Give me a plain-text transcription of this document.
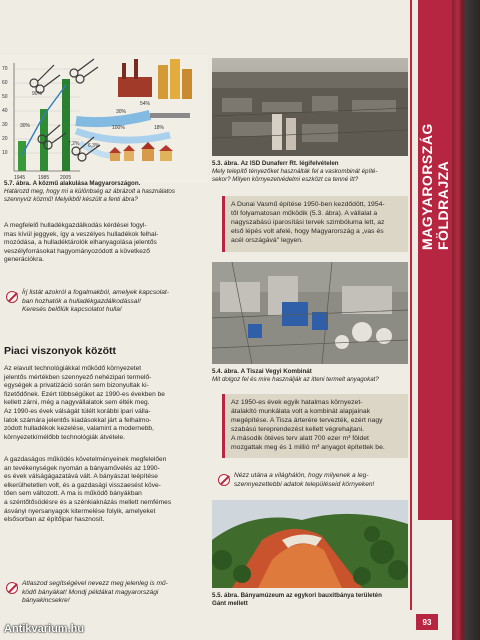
70
60
50
40
30
20
10
1945	1985 2005
90%
54%
30%
30%
6,3%
100%
7,2%
18%
5.7. ábra. A közmű alakulása Magyarországon.
Határozd meg, hogy mi a különbség az ábrázolt a használatos
szennyvíz közmű! Melyikből készült a fenti ábra?
A megfelelő hulladékgazdálkodás kérdései fogyl-
mas kívül jeggyek, így a veszélyes hulladékok felhal-
mozódása, a hulladéktárolók elhanyagolása jelentős
veszélyforrásokat hagyományozódott a következő
generációkra.
Írj listát azokról a fogalmakból, amelyek kapcsolat-
ban hozhatók a hulladékgazdálkodással!
Keresés belőlük kapcsolatot hulla!
Piaci viszonyok között
Az elavult technológiákkal működő környezetet
jelentős mértékben szennyező nehézipari termelő-
egységek a privatizáció során sem bizonyultak ki-
fizetődőnek. Ezért többségüket az 1990-es években be
kellett zárni, még a nagyvállalatok sem élték meg.
Az 1990-es évek válságát túlélt korábbi ipari válla-
latok számára jelentős kiadásokkal járt a felhalmo-
zódott hulladékok kezelése, valamint a modernebb,
környezetkímélőbb technológiák átvétele.
A gazdaságos működés követelményeinek megfelelően
an tevékenységek nyomán a bányaművelés az 1990-
es évek válságágazatává vált. A bányászat leépítése
elkerülhetetlen volt, és a gazdasági visszaesést köve-
tően sem változott. A ma is működő bányákban
a széntőtősödésre és a szénkiaknázás mellett nemfémes
ásványi nyersanyagok kitermelése folyik, amelyeket
elsősorban az építőipar hasznosít.
Atlaszod segítségével nevezz meg jelenleg is mű-
ködő bányákat! Mondj példákat magyarországi
bányakincsekre!
5.3. ábra. Az ISD Dunaferr Rt. légifelvételen
Mely telepítő tényezőket használták fel a vaskombinát építé-
sekor? Milyen környezetvédelmi eszközt ca tenné itt?
A Dunai Vasmű építése 1950-ben kezdődött, 1954-
től folyamatosan működik (5.3. ábra). A vállalat a
nagyszabású iparosítási tervek szimbóluma lett, az
első lépés volt afelé, hogy Magyarország a „vas és
acél országává" legyen.
5.4. ábra. A Tiszai Vegyi Kombinát
Mit dolgoz fel és mire használják az itteni termelt anyagokat?
Az 1950-es évek egyik hatalmas környezet-
átalakító munkálata volt a kombinát alapjainak
megépítése. A Tisza árterére tervezték, ezért nagy
szabású tereprendezést kellett végrehajtani.
A második ötéves terv alatt 700 ezer m³ földet
mozgattak meg és 1 millió m³ anyagot építettek be.
Nézz utána a világhálón, hogy milyenek a leg-
szennyezettebbi adatok településeid környeken!
5.5. ábra. Bányamúzeum az egykori bauxitbánya területén
Gánt mellett
MAGYARORSZÁG FÖLDRAJZA
93
Antikvarium.hu
